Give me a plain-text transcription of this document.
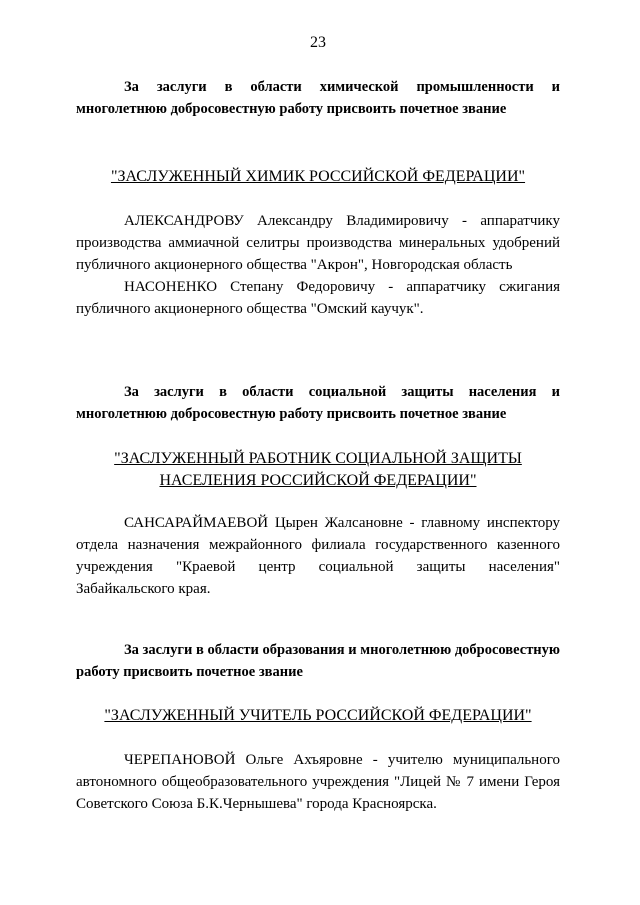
23

За заслуги в области химической промышленности и многолетнюю добросовестную работу присвоить почетное звание

"ЗАСЛУЖЕННЫЙ ХИМИК РОССИЙСКОЙ ФЕДЕРАЦИИ"

АЛЕКСАНДРОВУ Александру Владимировичу - аппаратчику производства аммиачной селитры производства минеральных удобрений публичного акционерного общества "Акрон", Новгородская область

НАСОНЕНКО Степану Федоровичу - аппаратчику сжигания публичного акционерного общества "Омский каучук".

За заслуги в области социальной защиты населения и многолетнюю добросовестную работу присвоить почетное звание

"ЗАСЛУЖЕННЫЙ РАБОТНИК СОЦИАЛЬНОЙ ЗАЩИТЫ
НАСЕЛЕНИЯ РОССИЙСКОЙ ФЕДЕРАЦИИ"

САНСАРАЙМАЕВОЙ Цырен Жалсановне - главному инспектору отдела назначения межрайонного филиала государственного казенного учреждения "Краевой центр социальной защиты населения" Забайкальского края.

За заслуги в области образования и многолетнюю добросовестную работу присвоить почетное звание

"ЗАСЛУЖЕННЫЙ УЧИТЕЛЬ РОССИЙСКОЙ ФЕДЕРАЦИИ"

ЧЕРЕПАНОВОЙ Ольге Ахъяровне - учителю муниципального автономного общеобразовательного учреждения "Лицей № 7 имени Героя Советского Союза Б.К.Чернышева" города Красноярска.
